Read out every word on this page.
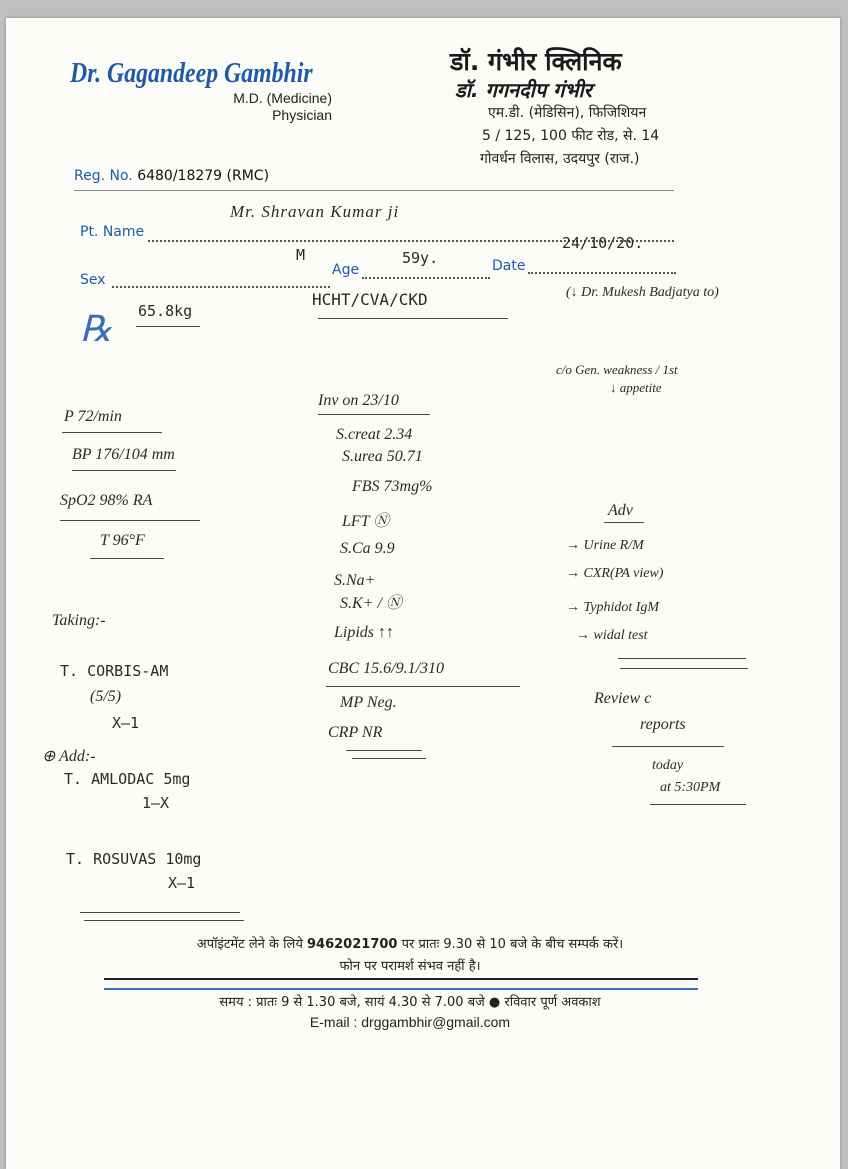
Dr. Gagandeep Gambhir
M.D. (Medicine)
Physician
डॉ. गंभीर क्लिनिक
डॉ. गगनदीप गंभीर
एम.डी. (मेडिसिन), फिजिशियन
5 / 125, 100 फीट रोड, से. 14
गोवर्धन विलास, उदयपुर (राज.)
Reg. No. 6480/18279 (RMC)
Pt. Name
Mr. Shravan Kumar ji
Sex
M
Age
59y.	Date
24/10/20.
℞ 65.8kg
HCHT/CVA/CKD	(↓ Dr. Mukesh Badjatya to)
c/o Gen. weakness / 1st
↓ appetite
P 72/min
BP 176/104 mm
SpO2 98% RA
T 96°F
Inv on 23/10
S.creat 2.34
S.urea 50.71
FBS 73mg%
LFT Ⓝ
S.Ca 9.9
S.Na+
S.K+ / Ⓝ
Lipids ↑↑
CBC 15.6/9.1/310
MP Neg.
CRP NR
Adv
→ Urine R/M
→ CXR(PA view)
→ Typhidot IgM
→ widal test
Review c
reports
today
at 5:30PM
Taking:-
T. CORBIS-AM
(5/5)
X—1
⊕ Add:-
T. AMLODAC 5mg
1—X
T. ROSUVAS 10mg
X—1
अपॉइंटमेंट लेने के लिये 9462021700 पर प्रातः 9.30 से 10 बजे के बीच सम्पर्क करें।
फोन पर परामर्श संभव नहीं है।
समय : प्रातः 9 से 1.30 बजे, सायं 4.30 से 7.00 बजे ● रविवार पूर्ण अवकाश
E-mail : drggambhir@gmail.com
